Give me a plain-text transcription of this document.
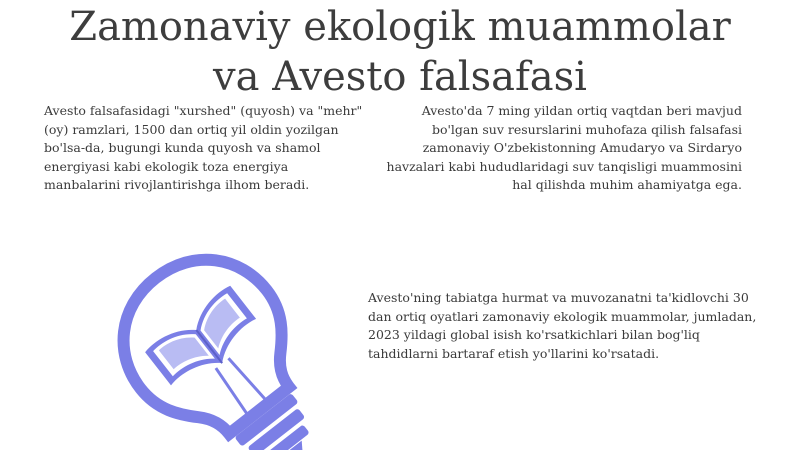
Zamonaviy ekologik muammolar
va Avesto falsafasi

Avesto falsafasidagi "xurshed" (quyosh) va "mehr" (oy) ramzlari, 1500 dan ortiq yil oldin yozilgan bo'lsa-da, bugungi kunda quyosh va shamol energiyasi kabi ekologik toza energiya manbalarini rivojlantirishga ilhom beradi.

Avesto'da 7 ming yildan ortiq vaqtdan beri mavjud bo'lgan suv resurslarini muhofaza qilish falsafasi zamonaviy O'zbekistonning Amudaryo va Sirdaryo havzalari kabi hududlaridagi suv tanqisligi muammosini hal qilishda muhim ahamiyatga ega.

Avesto'ning tabiatga hurmat va muvozanatni ta'kidlovchi 30 dan ortiq oyatlari zamonaviy ekologik muammolar, jumladan, 2023 yildagi global isish ko'rsatkichlari bilan bog'liq tahdidlarni bartaraf etish yo'llarini ko'rsatadi.
